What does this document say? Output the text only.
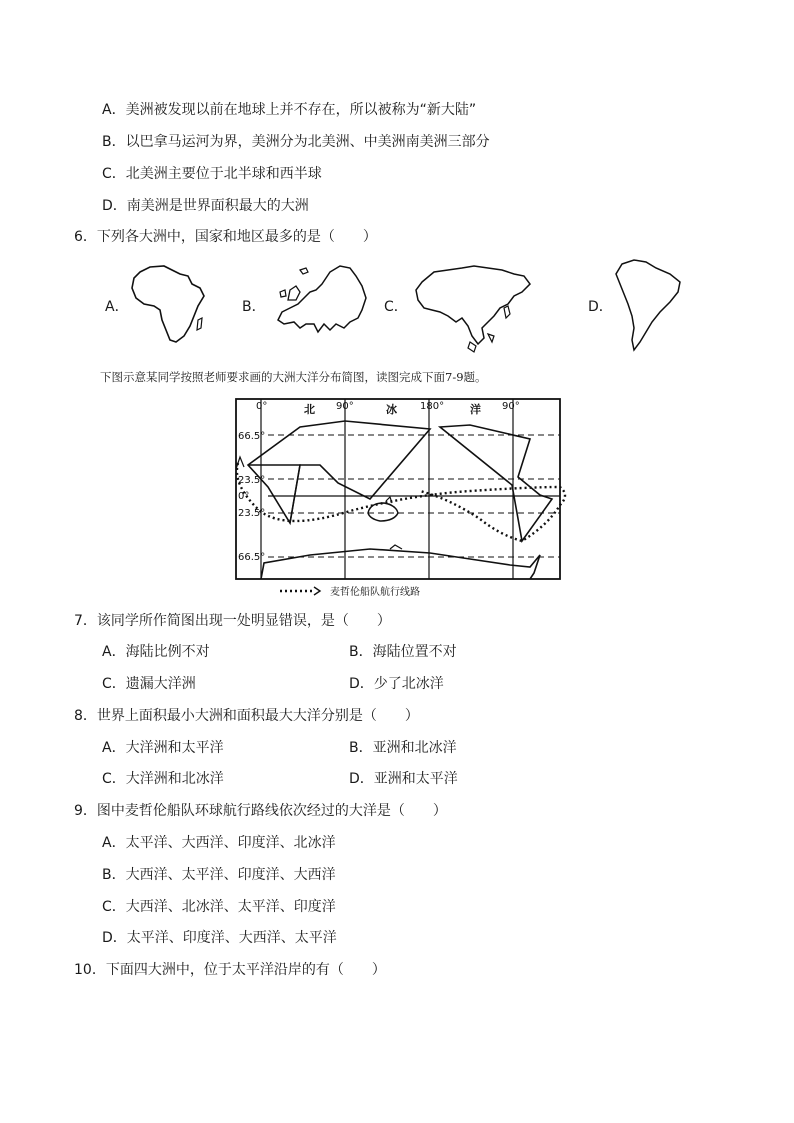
A．美洲被发现以前在地球上并不存在，所以被称为“新大陆”
B．以巴拿马运河为界，美洲分为北美洲、中美洲南美洲三部分
C．北美洲主要位于北半球和西半球
D．南美洲是世界面积最大的大洲
6．下列各大洲中，国家和地区最多的是（　　）
A．	B．	C．	D．
下图示意某同学按照老师要求画的大洲大洋分布简图，读图完成下面7-9题。
0°	90°	180°	90°
北	冰	洋
66.5°
23.5°
0°
23.5°
66.5°
麦哲伦船队航行线路
7．该同学所作简图出现一处明显错误，是（　　）
A．海陆比例不对	B．海陆位置不对
C．遗漏大洋洲	D．少了北冰洋
8．世界上面积最小大洲和面积最大大洋分别是（　　）
A．大洋洲和太平洋	B．亚洲和北冰洋
C．大洋洲和北冰洋	D．亚洲和太平洋
9．图中麦哲伦船队环球航行路线依次经过的大洋是（　　）
A．太平洋、大西洋、印度洋、北冰洋
B．大西洋、太平洋、印度洋、大西洋
C．大西洋、北冰洋、太平洋、印度洋
D．太平洋、印度洋、大西洋、太平洋
10．下面四大洲中，位于太平洋沿岸的有（　　）
